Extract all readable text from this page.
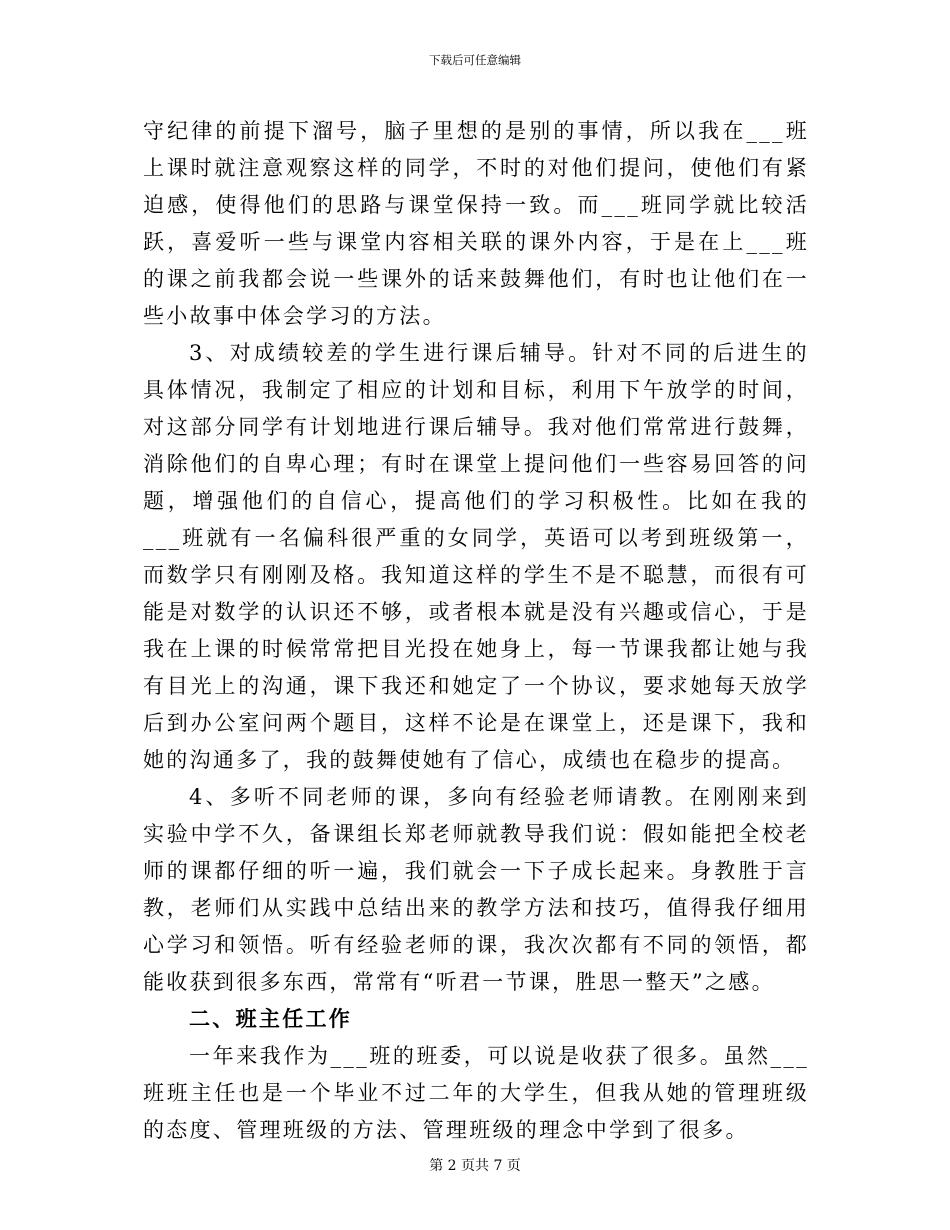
下载后可任意编辑

守纪律的前提下溜号，脑子里想的是别的事情，所以我在___班上课时就注意观察这样的同学，不时的对他们提问，使他们有紧迫感，使得他们的思路与课堂保持一致。而___班同学就比较活跃，喜爱听一些与课堂内容相关联的课外内容，于是在上___班的课之前我都会说一些课外的话来鼓舞他们，有时也让他们在一些小故事中体会学习的方法。

3、对成绩较差的学生进行课后辅导。针对不同的后进生的具体情况，我制定了相应的计划和目标，利用下午放学的时间，对这部分同学有计划地进行课后辅导。我对他们常常进行鼓舞，消除他们的自卑心理；有时在课堂上提问他们一些容易回答的问题，增强他们的自信心，提高他们的学习积极性。比如在我的___班就有一名偏科很严重的女同学，英语可以考到班级第一，而数学只有刚刚及格。我知道这样的学生不是不聪慧，而很有可能是对数学的认识还不够，或者根本就是没有兴趣或信心，于是我在上课的时候常常把目光投在她身上，每一节课我都让她与我有目光上的沟通，课下我还和她定了一个协议，要求她每天放学后到办公室问两个题目，这样不论是在课堂上，还是课下，我和她的沟通多了，我的鼓舞使她有了信心，成绩也在稳步的提高。

4、多听不同老师的课，多向有经验老师请教。在刚刚来到实验中学不久，备课组长郑老师就教导我们说：假如能把全校老师的课都仔细的听一遍，我们就会一下子成长起来。身教胜于言教，老师们从实践中总结出来的教学方法和技巧，值得我仔细用心学习和领悟。听有经验老师的课，我次次都有不同的领悟，都能收获到很多东西，常常有“听君一节课，胜思一整天”之感。

二、班主任工作

一年来我作为___班的班委，可以说是收获了很多。虽然___班班主任也是一个毕业不过二年的大学生，但我从她的管理班级的态度、管理班级的方法、管理班级的理念中学到了很多。

第 2 页共 7 页
